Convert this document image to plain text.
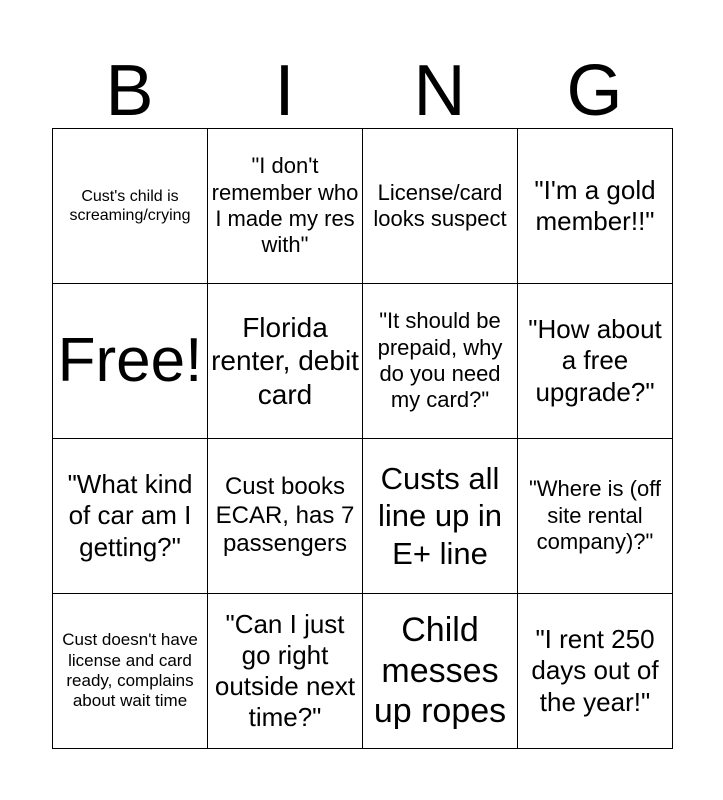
B	I	N	G
Cust's child is screaming/crying	"I don't remember who I made my res with"	License/card looks suspect	"I'm a gold member!!"
Free!	Florida renter, debit card	"It should be prepaid, why do you need my card?"	"How about a free upgrade?"
"What kind of car am I getting?"	Cust books ECAR, has 7 passengers	Custs all line up in E+ line	"Where is (off site rental company)?"
Cust doesn't have license and card ready, complains about wait time	"Can I just go right outside next time?"	Child messes up ropes	"I rent 250 days out of the year!"
